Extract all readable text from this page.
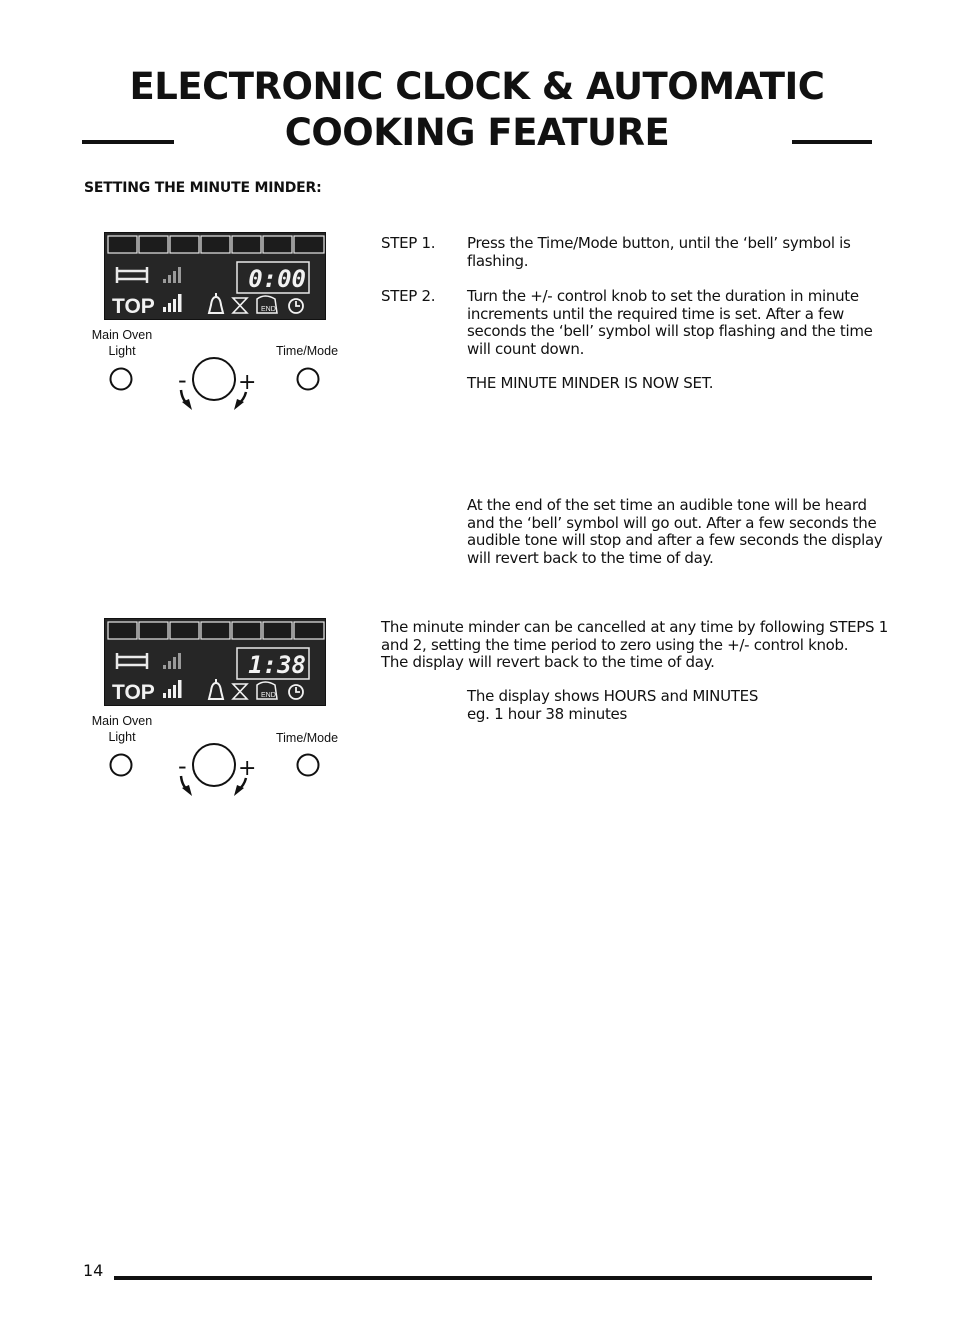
ELECTRONIC CLOCK & AUTOMATIC
COOKING FEATURE
SETTING THE MINUTE MINDER:
TOP
0:00
END
Main Oven
Light	Time/Mode
- +
TOP
1:38
END
Main Oven
Light	Time/Mode
- +
STEP 1. Press the Time/Mode button, until the ‘bell’ symbol is
flashing.
STEP 2. Turn the +/- control knob to set the duration in minute
increments until the required time is set. After a few
seconds the ‘bell’ symbol will stop flashing and the time
will count down.
THE MINUTE MINDER IS NOW SET.
At the end of the set time an audible tone will be heard
and the ‘bell’ symbol will go out. After a few seconds the
audible tone will stop and after a few seconds the display
will revert back to the time of day.
The minute minder can be cancelled at any time by following STEPS 1
and 2, setting the time period to zero using the +/- control knob.
The display will revert back to the time of day.
The display shows HOURS and MINUTES
eg. 1 hour 38 minutes
14
